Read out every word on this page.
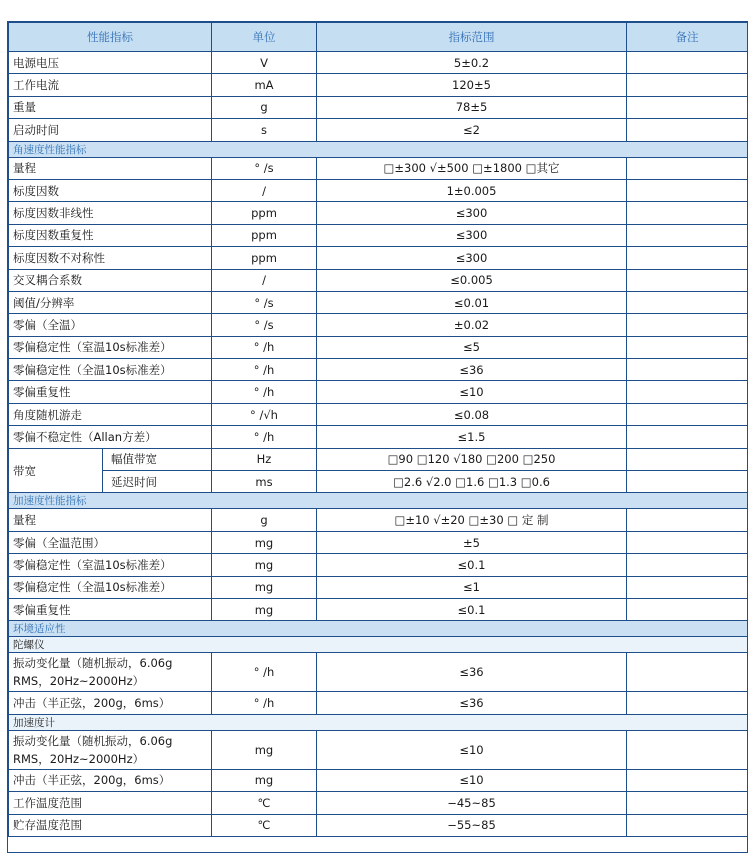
性能指标		单位	指标范围	备注
电源电压		V	5±0.2	
工作电流		mA	120±5	
重量		g	78±5	
启动时间		s	≤2	
角速度性能指标				
量程		° /s	□±300 √±500 □±1800 □其它	
标度因数		/	1±0.005	
标度因数非线性		ppm	≤300	
标度因数重复性		ppm	≤300	
标度因数不对称性		ppm	≤300	
交叉耦合系数		/	≤0.005	
阈值/分辨率		° /s	≤0.01	
零偏（全温）		° /s	±0.02	
零偏稳定性（室温10s标准差）		° /h	≤5	
零偏稳定性（全温10s标准差）		° /h	≤36	
零偏重复性		° /h	≤10	
角度随机游走		° /√h	≤0.08	
零偏不稳定性（Allan方差）		° /h	≤1.5	
带宽	幅值带宽	Hz	□90 □120 √180 □200 □250	
	延迟时间	ms	□2.6 √2.0 □1.6 □1.3 □0.6	
加速度性能指标				
量程		g	□±10 √±20 □±30 □ 定 制	
零偏（全温范围）		mg	±5	
零偏稳定性（室温10s标准差）		mg	≤0.1	
零偏稳定性（全温10s标准差）		mg	≤1	
零偏重复性		mg	≤0.1	
环境适应性				
陀螺仪				
振动变化量（随机振动，6.06g RMS，20Hz~2000Hz）		° /h	≤36	
冲击（半正弦，200g，6ms）		° /h	≤36	
加速度计				
振动变化量（随机振动，6.06g RMS，20Hz~2000Hz）		mg	≤10	
冲击（半正弦，200g，6ms）		mg	≤10	
工作温度范围		℃	−45~85	
贮存温度范围		℃	−55~85	
